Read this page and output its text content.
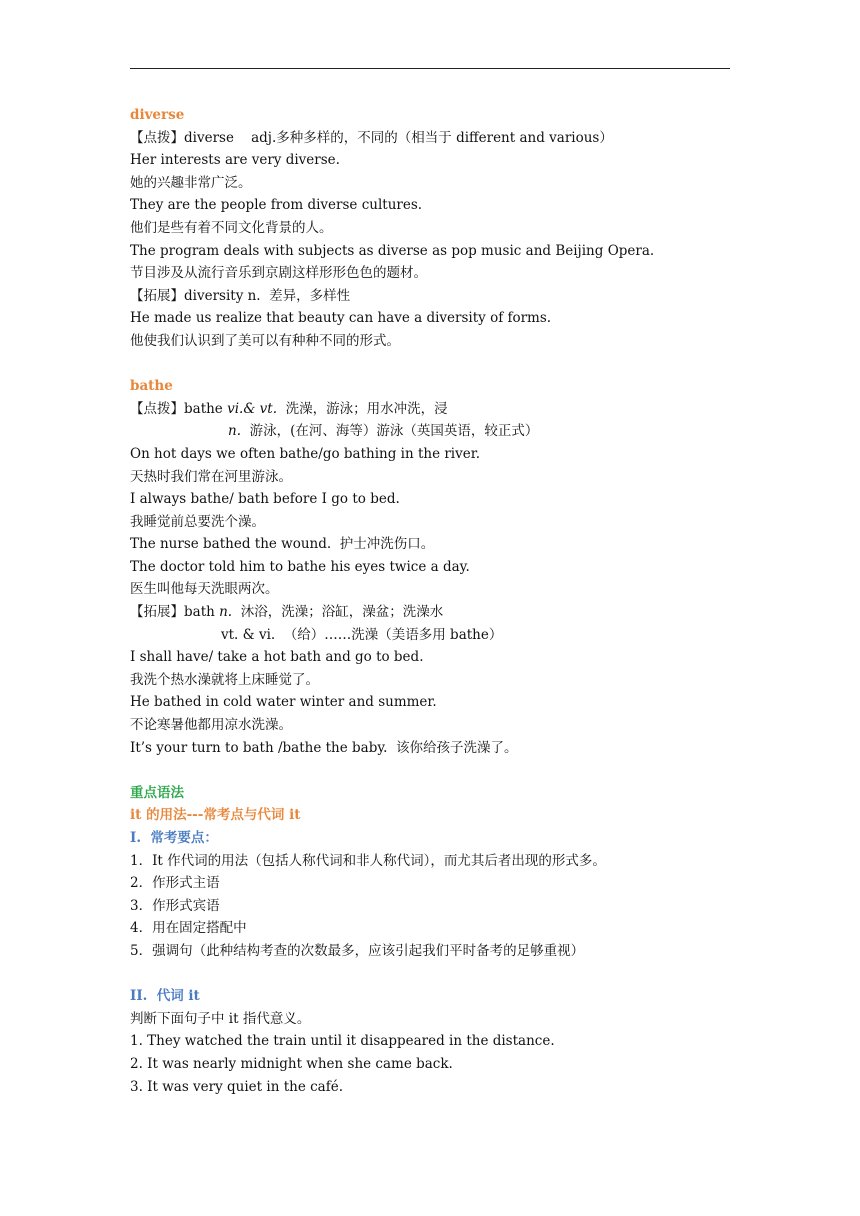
diverse
【点拨】diverse    adj.多种多样的，不同的（相当于 different and various）
Her interests are very diverse.
她的兴趣非常广泛。
They are the people from diverse cultures.
他们是些有着不同文化背景的人。
The program deals with subjects as diverse as pop music and Beijing Opera.
节目涉及从流行音乐到京剧这样形形色色的题材。
【拓展】diversity n.  差异，多样性
He made us realize that beauty can have a diversity of forms.
他使我们认识到了美可以有种种不同的形式。
bathe
【点拨】bathe vi.& vt.  洗澡，游泳；用水冲洗，浸
n.  游泳，(在河、海等）游泳（英国英语，较正式）
On hot days we often bathe/go bathing in the river.
天热时我们常在河里游泳。
I always bathe/ bath before I go to bed.
我睡觉前总要洗个澡。
The nurse bathed the wound.  护士冲洗伤口。
The doctor told him to bathe his eyes twice a day.
医生叫他每天洗眼两次。
【拓展】bath n.  沐浴，洗澡；浴缸，澡盆；洗澡水
vt. & vi.  （给）……洗澡（美语多用 bathe）
I shall have/ take a hot bath and go to bed.
我洗个热水澡就将上床睡觉了。
He bathed in cold water winter and summer.
不论寒暑他都用凉水洗澡。
It’s your turn to bath /bathe the baby.  该你给孩子洗澡了。
重点语法
it 的用法---常考点与代词 it
I.  常考要点：
1．It 作代词的用法（包括人称代词和非人称代词），而尤其后者出现的形式多。
2．作形式主语
3．作形式宾语
4．用在固定搭配中
5．强调句（此种结构考查的次数最多，应该引起我们平时备考的足够重视）
II.  代词 it
判断下面句子中 it 指代意义。
1. They watched the train until it disappeared in the distance.
2. It was nearly midnight when she came back.
3. It was very quiet in the café.
